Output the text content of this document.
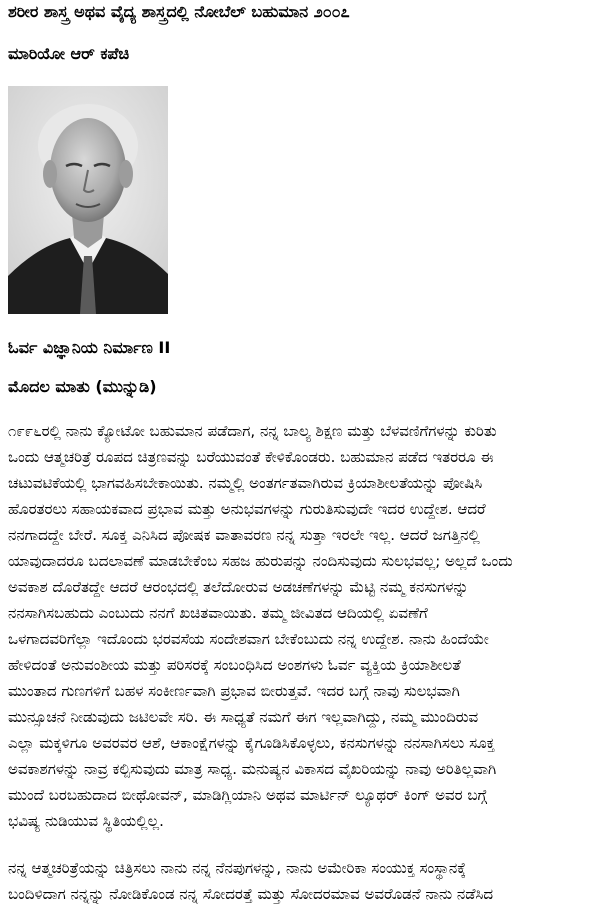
ಶರೀರ ಶಾಸ್ತ್ರ ಅಥವ ವೈದ್ಯ ಶಾಸ್ತ್ರದಲ್ಲಿ ನೋಬೆಲ್ ಬಹುಮಾನ ೨೦೦೭
ಮಾರಿಯೋ ಆರ್ ಕಪೆಚಿ
ಓರ್ವ ವಿಜ್ಞಾನಿಯ ನಿರ್ಮಾಣ II
ಮೊದಲ ಮಾತು (ಮುನ್ನುಡಿ)
೧೯೯೬ರಲ್ಲಿ ನಾನು ಕ್ಯೋಟೋ ಬಹುಮಾನ ಪಡೆದಾಗ, ನನ್ನ ಬಾಲ್ಯ ಶಿಕ್ಷಣ ಮತ್ತು ಬೆಳವಣಿಗೆಗಳನ್ನು ಕುರಿತು
ಒಂದು ಆತ್ಮಚರಿತ್ರೆ ರೂಪದ ಚಿತ್ರಣವನ್ನು ಬರೆಯುವಂತೆ ಕೇಳಿಕೊಂಡರು. ಬಹುಮಾನ ಪಡೆದ ಇತರರೂ ಈ
ಚಟುವಟಿಕೆಯಲ್ಲಿ ಭಾಗವಹಿಸಬೇಕಾಯಿತು. ನಮ್ಮಲ್ಲಿ ಅಂತರ್ಗತವಾಗಿರುವ ಕ್ರಿಯಾಶೀಲತೆಯನ್ನು ಪೋಷಿಸಿ
ಹೊರತರಲು ಸಹಾಯಕವಾದ ಪ್ರಭಾವ ಮತ್ತು ಅನುಭವಗಳನ್ನು ಗುರುತಿಸುವುದೇ ಇದರ ಉದ್ದೇಶ. ಆದರೆ
ನನಗಾದದ್ದೇ ಬೇರೆ. ಸೂಕ್ತ ಎನಿಸಿದ ಪೋಷಕ ವಾತಾವರಣ ನನ್ನ ಸುತ್ತಾ ಇರಲೇ ಇಲ್ಲ. ಆದರೆ ಜಗತ್ತಿನಲ್ಲಿ
ಯಾವುದಾದರೂ ಬದಲಾವಣೆ ಮಾಡಬೇಕೆಂಬ ಸಹಜ ಹುರುಪನ್ನು ನಂದಿಸುವುದು ಸುಲಭವಲ್ಲ; ಅಲ್ಲದೆ ಒಂದು
ಅವಕಾಶ ದೊರೆತದ್ದೇ ಆದರೆ ಆರಂಭದಲ್ಲಿ ತಲೆದೋರುವ ಅಡಚಣೆಗಳನ್ನು ಮೆಟ್ಟಿ ನಮ್ಮ ಕನಸುಗಳನ್ನು
ನನಸಾಗಿಸಬಹುದು ಎಂಬುದು ನನಗೆ ಖಚಿತವಾಯಿತು. ತಮ್ಮ ಜೀವಿತದ ಆದಿಯಲ್ಲಿ ಏವಣೆಗೆ
ಒಳಗಾದವರಿಗೆಲ್ಲಾ ಇದೊಂದು ಭರವಸೆಯ ಸಂದೇಶವಾಗ ಬೇಕೆಂಬುದು ನನ್ನ ಉದ್ದೇಶ. ನಾನು ಹಿಂದೆಯೇ
ಹೇಳಿದಂತೆ ಅನುವಂಶೀಯ ಮತ್ತು ಪರಿಸರಕ್ಕೆ ಸಂಬಂಧಿಸಿದ ಅಂಶಗಳು ಓರ್ವ ವ್ಯಕ್ತಿಯ ಕ್ರಿಯಾಶೀಲತೆ
ಮುಂತಾದ ಗುಣಗಳಿಗೆ ಬಹಳ ಸಂಕೀರ್ಣವಾಗಿ ಪ್ರಭಾವ ಬೀರುತ್ತವೆ. ಇದರ ಬಗ್ಗೆ ನಾವು ಸುಲಭವಾಗಿ
ಮುನ್ಸೂಚನೆ ನೀಡುವುದು ಜಟಿಲವೇ ಸರಿ. ಈ ಸಾಧ್ಯತೆ ನಮಗೆ ಈಗ ಇಲ್ಲವಾಗಿದ್ದು, ನಮ್ಮ ಮುಂದಿರುವ
ಎಲ್ಲಾ ಮಕ್ಕಳಿಗೂ ಅವರವರ ಆಶೆ, ಆಕಾಂಕ್ಷೆಗಳನ್ನು ಕೈಗೂಡಿಸಿಕೊಳ್ಳಲು, ಕನಸುಗಳನ್ನು ನನಸಾಗಿಸಲು ಸೂಕ್ತ
ಅವಕಾಶಗಳನ್ನು ನಾವ್ರ ಕಲ್ಪಿಸುವುದು ಮಾತ್ರ ಸಾಧ್ಯ. ಮನುಷ್ಯನ ವಿಕಾಸದ ವೈಖರಿಯನ್ನು ನಾವು ಅರಿತಿಲ್ಲವಾಗಿ
ಮುಂದೆ ಬರಬಹುದಾದ ಬೀಥೋವನ್, ಮಾಡಿಗ್ಲಿಯಾನಿ ಅಥವ ಮಾರ್ಟಿನ್ ಲ್ಯೂಥರ್ ಕಿಂಗ್ ಅವರ ಬಗ್ಗೆ
ಭವಿಷ್ಯ ನುಡಿಯುವ ಸ್ಥಿತಿಯಲ್ಲಿಲ್ಲ.
ನನ್ನ ಆತ್ಮಚರಿತ್ರೆಯನ್ನು ಚಿತ್ರಿಸಲು ನಾನು ನನ್ನ ನೆನಪುಗಳನ್ನು, ನಾನು ಅಮೇರಿಕಾ ಸಂಯುಕ್ತ ಸಂಸ್ಥಾನಕ್ಕೆ
ಬಂದಿಳಿದಾಗ ನನ್ನನ್ನು ನೋಡಿಕೊಂಡ ನನ್ನ ಸೋದರತ್ತೆ ಮತ್ತು ಸೋದರಮಾವ ಅವರೊಡನೆ ನಾನು ನಡೆಸಿದ
